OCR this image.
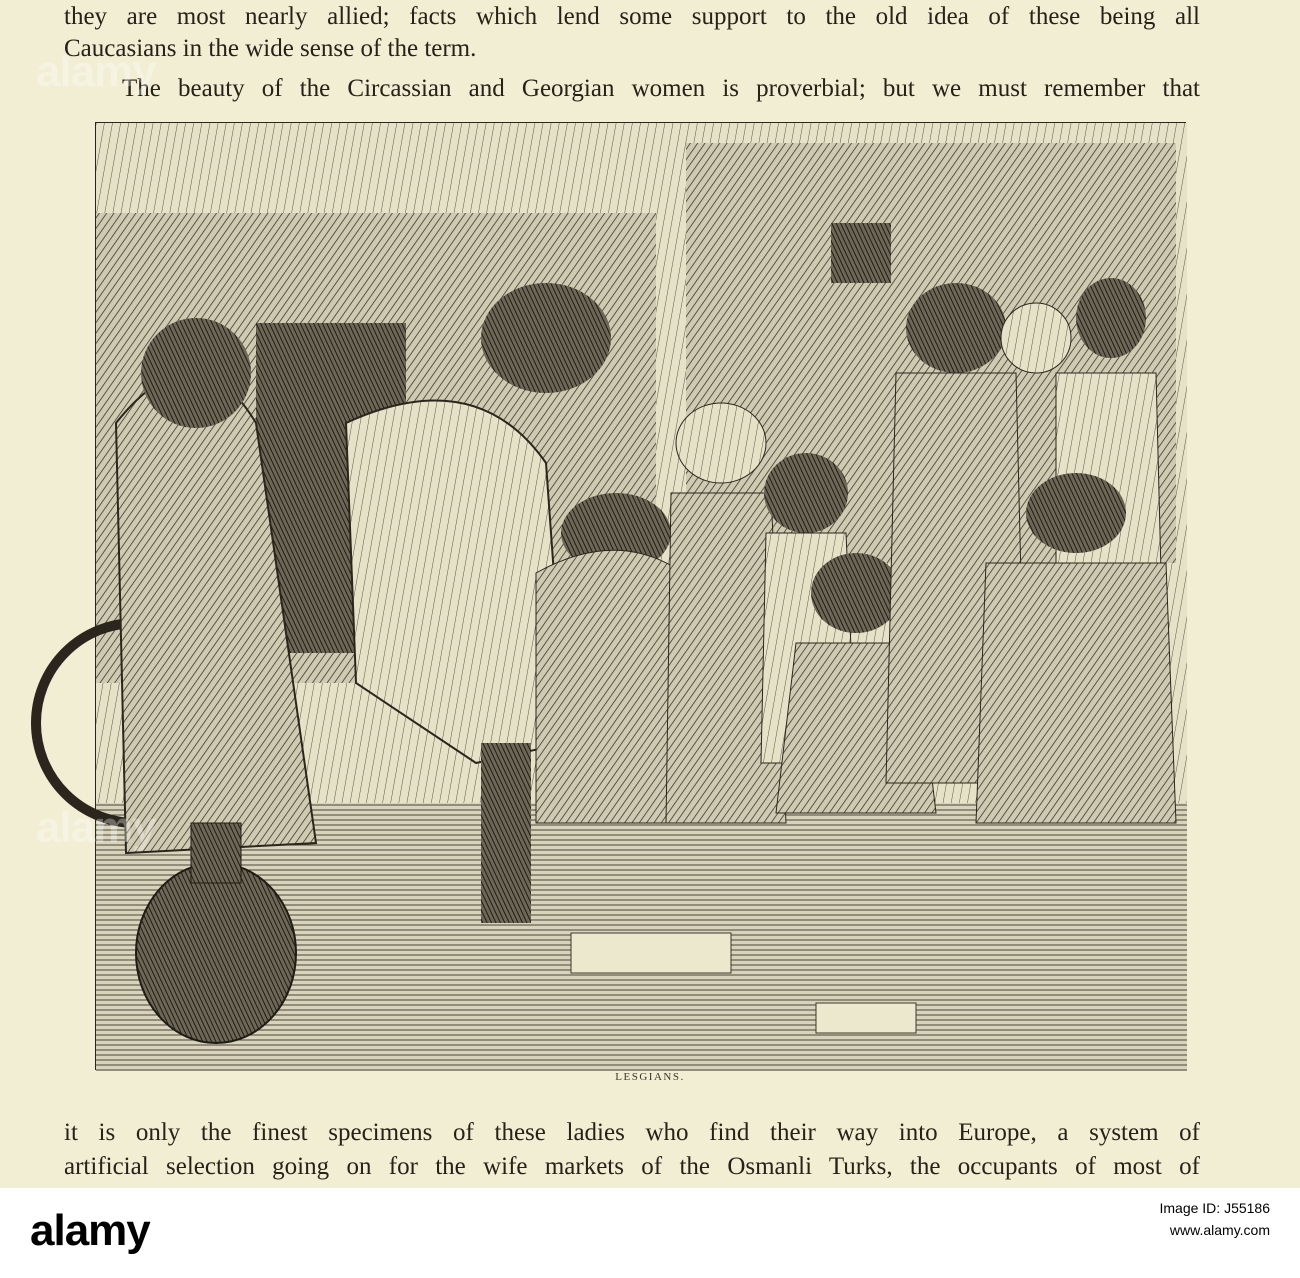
they are most nearly allied; facts which lend some support to the old idea of these being all
Caucasians in the wide sense of the term.
The beauty of the Circassian and Georgian women is proverbial; but we must remember that
alamy
alamy
LESGIANS.
it is only the finest specimens of these ladies who find their way into Europe, a system of
artificial selection going on for the wife markets of the Osmanli Turks, the occupants of most of
alamy	Image ID: J55186
www.alamy.com
